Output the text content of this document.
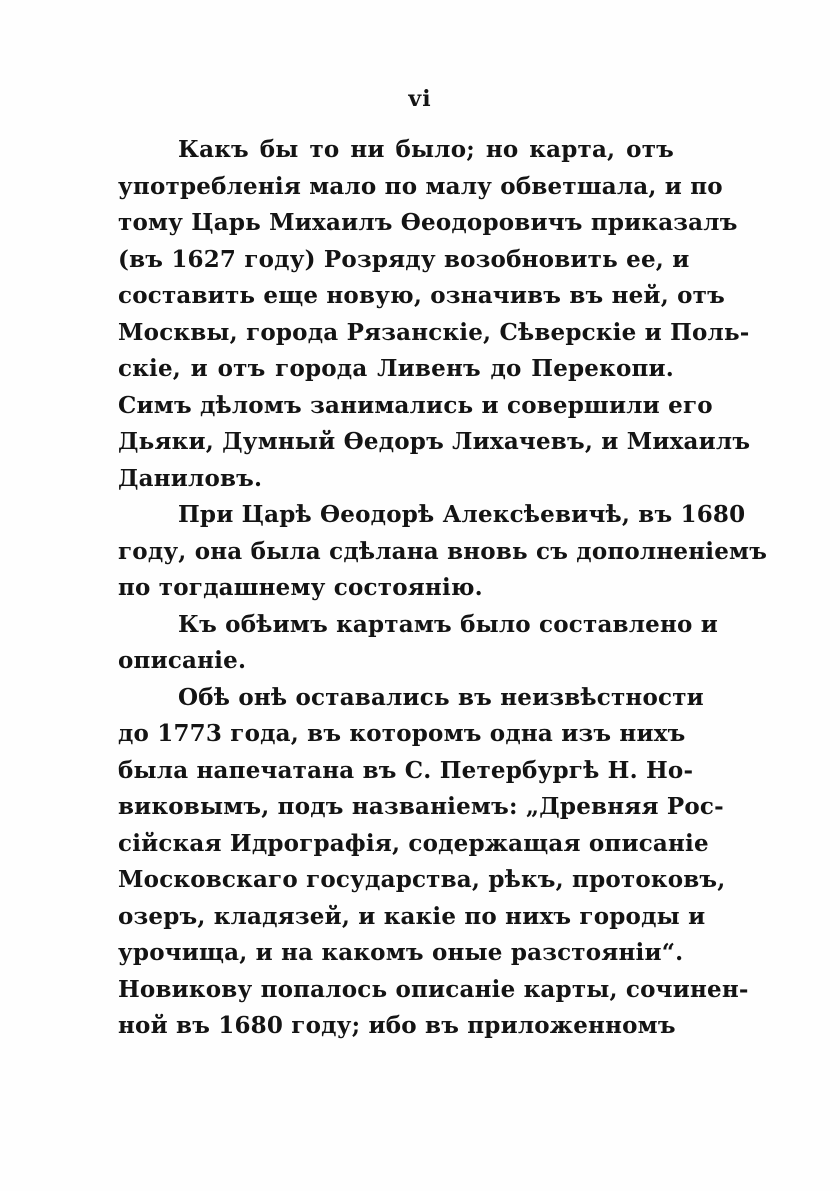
vi
Какъ бы то ни было; но карта, отъ
употребленія мало по малу обветшала, и по
тому Царь Михаилъ Ѳеодоровичъ приказалъ
(въ 1627 году) Розряду возобновить ее, и
составить еще новую, означивъ въ ней, отъ
Москвы, города Рязанскіе, Сѣверскіе и Поль-
скіе, и отъ города Ливенъ до Перекопи.
Симъ дѣломъ занимались и совершили его
Дьяки, Думный Ѳедоръ Лихачевъ, и Михаилъ
Даниловъ.
При Царѣ Ѳеодорѣ Алексѣевичѣ, въ 1680
году, она была сдѣлана вновь съ дополненіемъ
по тогдашнему состоянію.
Къ обѣимъ картамъ было составлено и
описаніе.
Обѣ онѣ оставались въ неизвѣстности
до 1773 года, въ которомъ одна изъ нихъ
была напечатана въ С. Петербургѣ Н. Но-
виковымъ, подъ названіемъ: „Древняя Рос-
сійская Идрографія, содержащая описаніе
Московскаго государства, рѣкъ, протоковъ,
озеръ, кладязей, и какіе по нихъ городы и
урочища, и на какомъ оные разстояніи“.
Новикову попалось описаніе карты, сочинен-
ной въ 1680 году; ибо въ приложенномъ
